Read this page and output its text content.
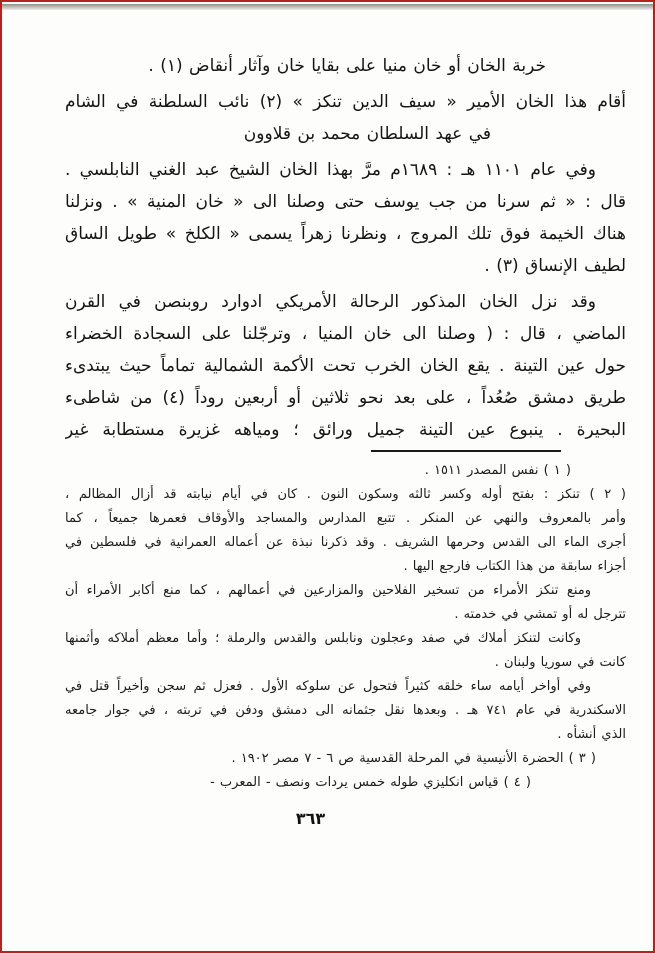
خربة الخان أو خان منيا على بقايا خان وآثار أنقاض (١) .
أقام هذا الخان الأمير « سيف الدين تنكز » (٢) نائب السلطنة في الشام
في عهد السلطان محمد بن قلاوون
وفي عام ١١٠١ هـ : ١٦٨٩م مرَّ بهذا الخان الشيخ عبد الغني النابلسي .
قال : « ثم سرنا من جب يوسف حتى وصلنا الى « خان المنية » . ونزلنا
هناك الخيمة فوق تلك المروج ، ونظرنا زهراً يسمى « الكلخ » طويل الساق
لطيف الإنساق (٣) .
وقد نزل الخان المذكور الرحالة الأمريكي ادوارد روبنصن في القرن
الماضي ، قال : ( وصلنا الى خان المنيا ، وترجّلنا على السجادة الخضراء
حول عين التينة . يقع الخان الخرب تحت الأكمة الشمالية تماماً حيث يبتدىء
طريق دمشق صُعُداً ، على بعد نحو ثلاثين أو أربعين روداً (٤) من شاطىء
البحيرة . ينبوع عين التينة جميل ورائق ؛ ومياهه غزيرة مستطابة غير
( ١ ) نفس المصدر ١٥١١ .
( ٢ ) تنكز : بفتح أوله وكسر ثالثه وسكون النون . كان في أيام نيابته قد أزال المظالم ،
وأمر بالمعروف والنهي عن المنكر . تتبع المدارس والمساجد والأوقاف فعمرها جميعاً ، كما
أجرى الماء الى القدس وحرمها الشريف . وقد ذكرنا نبذة عن أعماله العمرانية في فلسطين في
أجزاء سابقة من هذا الكتاب فارجع اليها .
ومنع تنكز الأمراء من تسخير الفلاحين والمزارعين في أعمالهم ، كما منع أكابر الأمراء أن
تترجل له أو تمشي في خدمته .
وكانت لتنكز أملاك في صفد وعجلون ونابلس والقدس والرملة ؛ وأما معظم أملاكه وأثمنها
كانت في سوريا ولبنان .
وفي أواخر أيامه ساء خلقه كثيراً فتحول عن سلوكه الأول . فعزل ثم سجن وأخيراً قتل في
الاسكندرية في عام ٧٤١ هـ . وبعدها نقل جثمانه الى دمشق ودفن في تربته ، في جوار جامعه
الذي أنشأه .
( ٣ ) الحضرة الأنيسية في المرحلة القدسية ص ٦ - ٧ مصر ١٩٠٢ .
( ٤ ) قياس انكليزي طوله خمس يردات ونصف - المعرب -
٣٦٣
